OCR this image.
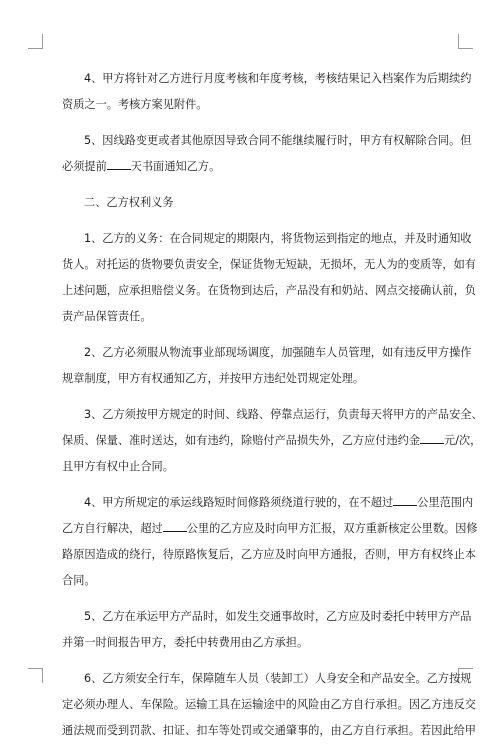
4、甲方将针对乙方进行月度考核和年度考核，考核结果记入档案作为后期续约
资质之一。考核方案见附件。
5、因线路变更或者其他原因导致合同不能继续履行时，甲方有权解除合同。但
必须提前 天书面通知乙方。
二、乙方权利义务
1、乙方的义务：在合同规定的期限内，将货物运到指定的地点，并及时通知收
货人。对托运的货物要负责安全，保证货物无短缺，无损坏，无人为的变质等，如有
上述问题，应承担赔偿义务。在货物到达后，产品没有和奶站、网点交接确认前，负
责产品保管责任。
2、乙方必须服从物流事业部现场调度，加强随车人员管理，如有违反甲方操作
规章制度，甲方有权通知乙方，并按甲方违纪处罚规定处理。
3、乙方须按甲方规定的时间、线路、停靠点运行，负责每天将甲方的产品安全、
保质、保量、准时送达，如有违约，除赔付产品损失外，乙方应付违约金 元/次，
且甲方有权中止合同。
4、甲方所规定的承运线路短时间修路须绕道行驶的，在不超过 公里范围内
乙方自行解决，超过 公里的乙方应及时向甲方汇报，双方重新核定公里数。因修
路原因造成的绕行，待原路恢复后，乙方应及时向甲方通报，否则，甲方有权终止本
合同。
5、乙方在承运甲方产品时，如发生交通事故时，乙方应及时委托中转甲方产品
并第一时间报告甲方，委托中转费用由乙方承担。
6、乙方须安全行车，保障随车人员（装卸工）人身安全和产品安全。乙方按规
定必须办理人、车保险。运输工具在运输途中的风险由乙方自行承担。因乙方违反交
通法规而受到罚款、扣证、扣车等处罚或交通肇事的，由乙方自行承担。若因此给甲
